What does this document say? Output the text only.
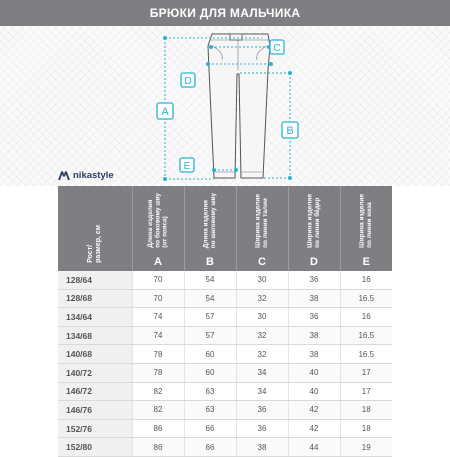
БРЮКИ ДЛЯ МАЛЬЧИКА
A
B
C
D
E
nikastyle
Рост/
размер, см	Длина изделия
по боковому шву
(от пояса)	Длина изделия
по шаговому шву	Ширина изделия
по линии талии	Ширина изделия
по линии бёдер	Ширина изделия
по линии низа

	A	B	C	D	E
128/64	70	54	30	36	16
128/68	70	54	32	38	16.5
134/64	74	57	30	36	16
134/68	74	57	32	38	16.5
140/68	78	60	32	38	16.5
140/72	78	60	34	40	17
146/72	82	63	34	40	17
146/76	82	63	36	42	18
152/76	86	66	36	42	18
152/80	86	66	38	44	19
